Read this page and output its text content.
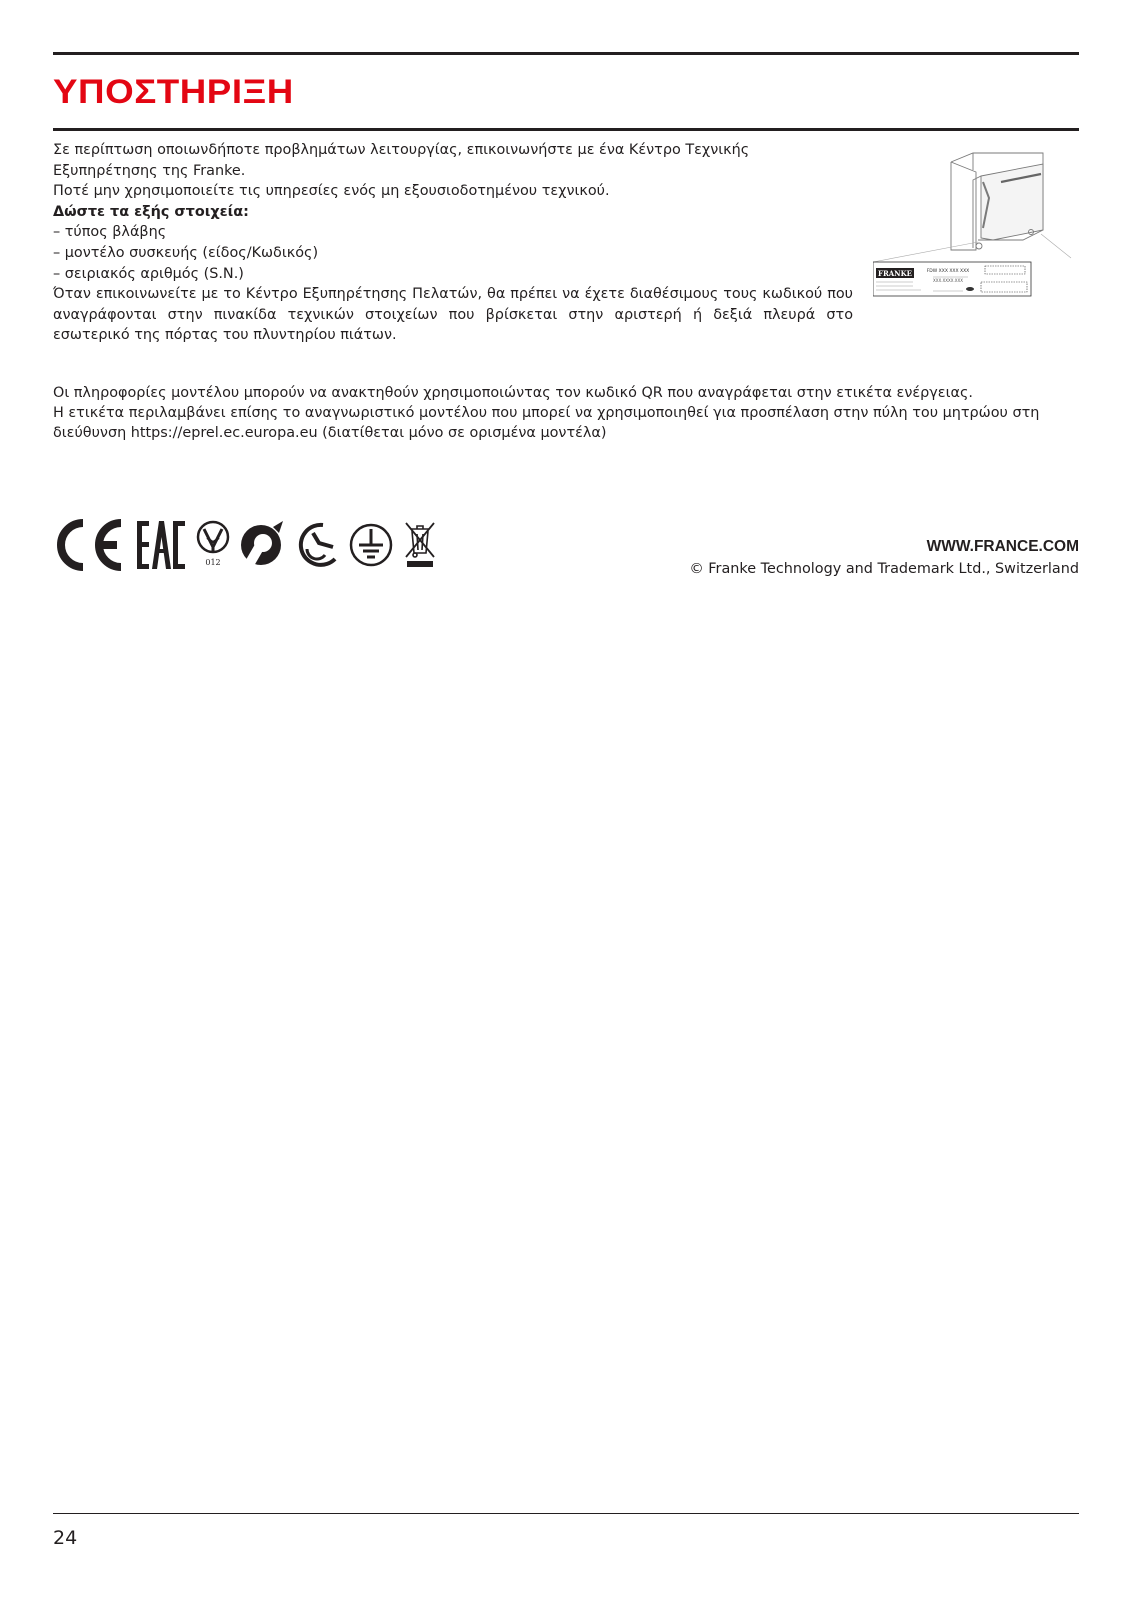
ΥΠΟΣΤΗΡΙΞΗ

Σε περίπτωση οποιωνδήποτε προβλημάτων λειτουργίας, επικοινωνήστε με ένα Κέντρο Τεχνικής Εξυπηρέτησης της Franke.

Ποτέ μην χρησιμοποιείτε τις υπηρεσίες ενός μη εξουσιοδοτημένου τεχνικού.

Δώστε τα εξής στοιχεία:

– τύπος βλάβης

– μοντέλο συσκευής (είδος/Κωδικός)

– σειριακός αριθμός (S.N.)

Όταν επικοινωνείτε με το Κέντρο Εξυπηρέτησης Πελατών, θα πρέπει να έχετε διαθέσιμους τους κωδικού που αναγράφονται στην πινακίδα τεχνικών στοιχείων που βρίσκεται στην αριστερή ή δεξιά πλευρά στο εσωτερικό της πόρτας του πλυντηρίου πιάτων.

FRANKE	FDW XXX XXX XXX
XXX.XXXX.XXX

Οι πληροφορίες μοντέλου μπορούν να ανακτηθούν χρησιμοποιώντας τον κωδικό QR που αναγράφεται στην ετικέτα ενέργειας.

Η ετικέτα περιλαμβάνει επίσης το αναγνωριστικό μοντέλου που μπορεί να χρησιμοποιηθεί για προσπέλαση στην πύλη του μητρώου στη διεύθυνση https://eprel.ec.europa.eu (διατίθεται μόνο σε ορισμένα μοντέλα)

012

WWW.FRANCE.COM

© Franke Technology and Trademark Ltd., Switzerland

24
